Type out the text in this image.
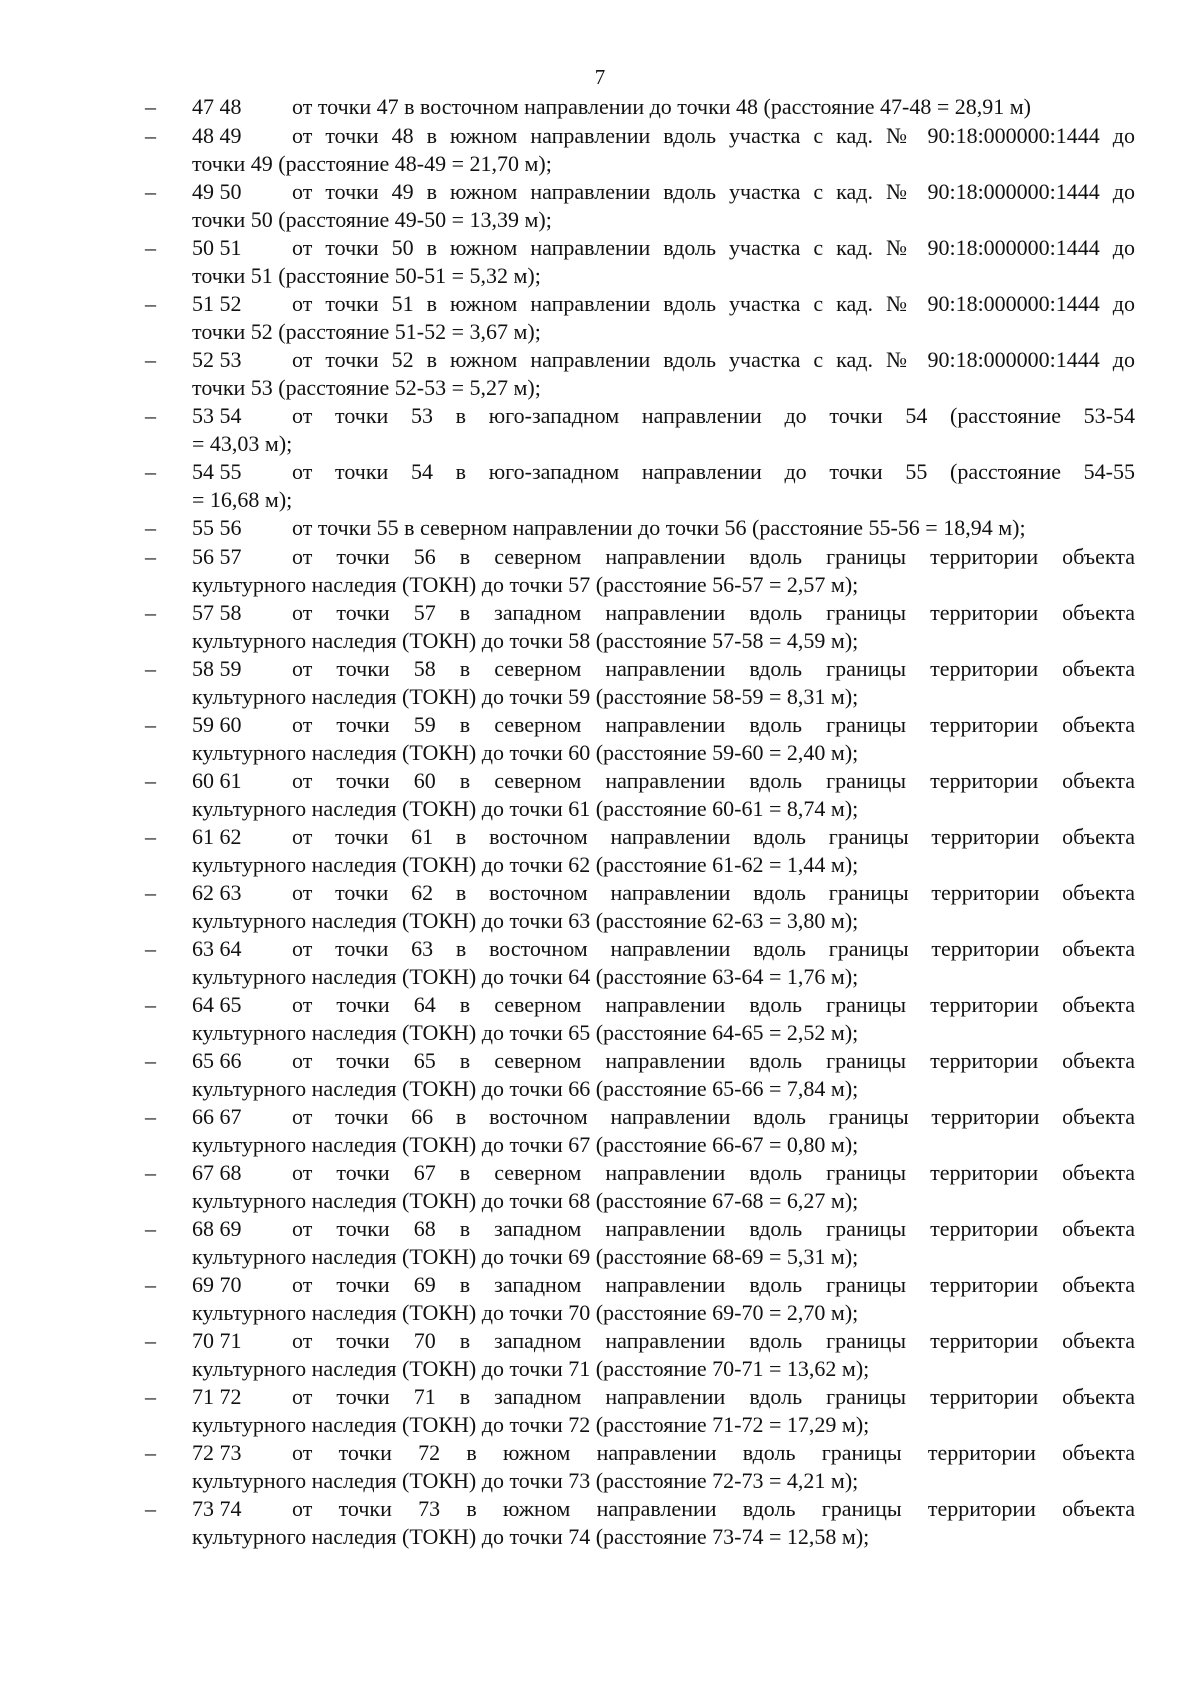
7
–	47 48	от точки 47 в восточном направлении до точки 48 (расстояние 47-48 = 28,91 м)
–	48 49	от точки 48 в южном направлении вдоль участка с кад. № 90:18:000000:1444 до
точки 49 (расстояние 48-49 = 21,70 м);
–	49 50	от точки 49 в южном направлении вдоль участка с кад. № 90:18:000000:1444 до
точки 50 (расстояние 49-50 = 13,39 м);
–	50 51	от точки 50 в южном направлении вдоль участка с кад. № 90:18:000000:1444 до
точки 51 (расстояние 50-51 = 5,32 м);
–	51 52	от точки 51 в южном направлении вдоль участка с кад. № 90:18:000000:1444 до
точки 52 (расстояние 51-52 = 3,67 м);
–	52 53	от точки 52 в южном направлении вдоль участка с кад. № 90:18:000000:1444 до
точки 53 (расстояние 52-53 = 5,27 м);
–	53 54	от точки 53 в юго-западном направлении до точки 54 (расстояние 53-54
= 43,03 м);
–	54 55	от точки 54 в юго-западном направлении до точки 55 (расстояние 54-55
= 16,68 м);
–	55 56	от точки 55 в северном направлении до точки 56 (расстояние 55-56 = 18,94 м);
–	56 57	от точки 56 в северном направлении вдоль границы территории объекта
культурного наследия (ТОКН) до точки 57 (расстояние 56-57 = 2,57 м);
–	57 58	от точки 57 в западном направлении вдоль границы территории объекта
культурного наследия (ТОКН) до точки 58 (расстояние 57-58 = 4,59 м);
–	58 59	от точки 58 в северном направлении вдоль границы территории объекта
культурного наследия (ТОКН) до точки 59 (расстояние 58-59 = 8,31 м);
–	59 60	от точки 59 в северном направлении вдоль границы территории объекта
культурного наследия (ТОКН) до точки 60 (расстояние 59-60 = 2,40 м);
–	60 61	от точки 60 в северном направлении вдоль границы территории объекта
культурного наследия (ТОКН) до точки 61 (расстояние 60-61 = 8,74 м);
–	61 62	от точки 61 в восточном направлении вдоль границы территории объекта
культурного наследия (ТОКН) до точки 62 (расстояние 61-62 = 1,44 м);
–	62 63	от точки 62 в восточном направлении вдоль границы территории объекта
культурного наследия (ТОКН) до точки 63 (расстояние 62-63 = 3,80 м);
–	63 64	от точки 63 в восточном направлении вдоль границы территории объекта
культурного наследия (ТОКН) до точки 64 (расстояние 63-64 = 1,76 м);
–	64 65	от точки 64 в северном направлении вдоль границы территории объекта
культурного наследия (ТОКН) до точки 65 (расстояние 64-65 = 2,52 м);
–	65 66	от точки 65 в северном направлении вдоль границы территории объекта
культурного наследия (ТОКН) до точки 66 (расстояние 65-66 = 7,84 м);
–	66 67	от точки 66 в восточном направлении вдоль границы территории объекта
культурного наследия (ТОКН) до точки 67 (расстояние 66-67 = 0,80 м);
–	67 68	от точки 67 в северном направлении вдоль границы территории объекта
культурного наследия (ТОКН) до точки 68 (расстояние 67-68 = 6,27 м);
–	68 69	от точки 68 в западном направлении вдоль границы территории объекта
культурного наследия (ТОКН) до точки 69 (расстояние 68-69 = 5,31 м);
–	69 70	от точки 69 в западном направлении вдоль границы территории объекта
культурного наследия (ТОКН) до точки 70 (расстояние 69-70 = 2,70 м);
–	70 71	от точки 70 в западном направлении вдоль границы территории объекта
культурного наследия (ТОКН) до точки 71 (расстояние 70-71 = 13,62 м);
–	71 72	от точки 71 в западном направлении вдоль границы территории объекта
культурного наследия (ТОКН) до точки 72 (расстояние 71-72 = 17,29 м);
–	72 73	от точки 72 в южном направлении вдоль границы территории объекта
культурного наследия (ТОКН) до точки 73 (расстояние 72-73 = 4,21 м);
–	73 74	от точки 73 в южном направлении вдоль границы территории объекта
культурного наследия (ТОКН) до точки 74 (расстояние 73-74 = 12,58 м);
